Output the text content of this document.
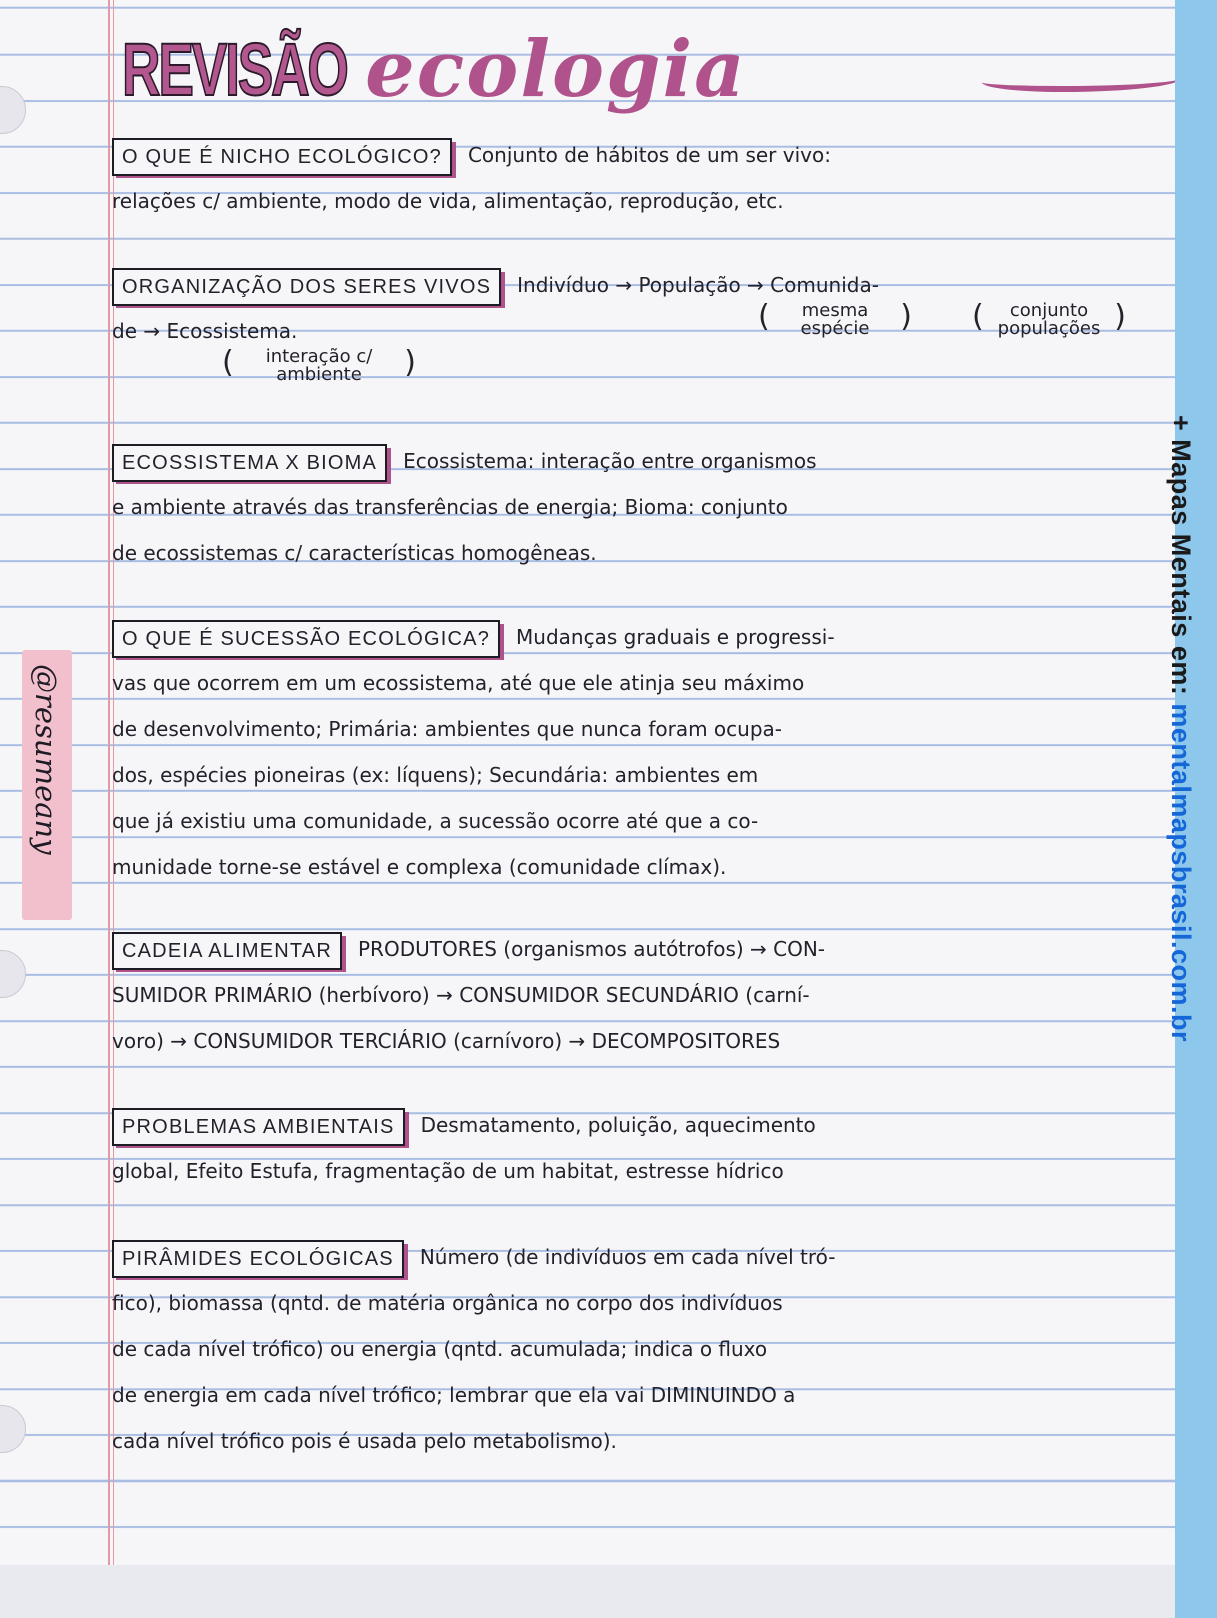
@resumeany
REVISÃO ecologia
O QUE É NICHO ECOLÓGICO? Conjunto de hábitos de um ser vivo:
relações c/ ambiente, modo de vida, alimentação, reprodução, etc.
ORGANIZAÇÃO DOS SERES VIVOS Indivíduo → População → Comunida-
de → Ecossistema.
( mesma espécie )
( conjunto populações )
( interação c/ ambiente )
ECOSSISTEMA X BIOMA Ecossistema: interação entre organismos
e ambiente através das transferências de energia; Bioma: conjunto
de ecossistemas c/ características homogêneas.
O QUE É SUCESSÃO ECOLÓGICA? Mudanças graduais e progressi-
vas que ocorrem em um ecossistema, até que ele atinja seu máximo
de desenvolvimento; Primária: ambientes que nunca foram ocupa-
dos, espécies pioneiras (ex: líquens); Secundária: ambientes em
que já existiu uma comunidade, a sucessão ocorre até que a co-
munidade torne-se estável e complexa (comunidade clímax).
CADEIA ALIMENTAR PRODUTORES (organismos autótrofos) → CON-
SUMIDOR PRIMÁRIO (herbívoro) → CONSUMIDOR SECUNDÁRIO (carní-
voro) → CONSUMIDOR TERCIÁRIO (carnívoro) → DECOMPOSITORES
PROBLEMAS AMBIENTAIS Desmatamento, poluição, aquecimento
global, Efeito Estufa, fragmentação de um habitat, estresse hídrico
PIRÂMIDES ECOLÓGICAS Número (de indivíduos em cada nível tró-
fico), biomassa (qntd. de matéria orgânica no corpo dos indivíduos
de cada nível trófico) ou energia (qntd. acumulada; indica o fluxo
de energia em cada nível trófico; lembrar que ela vai DIMINUINDO a
cada nível trófico pois é usada pelo metabolismo).
+ Mapas Mentais em: mentalmapsbrasil.com.br
